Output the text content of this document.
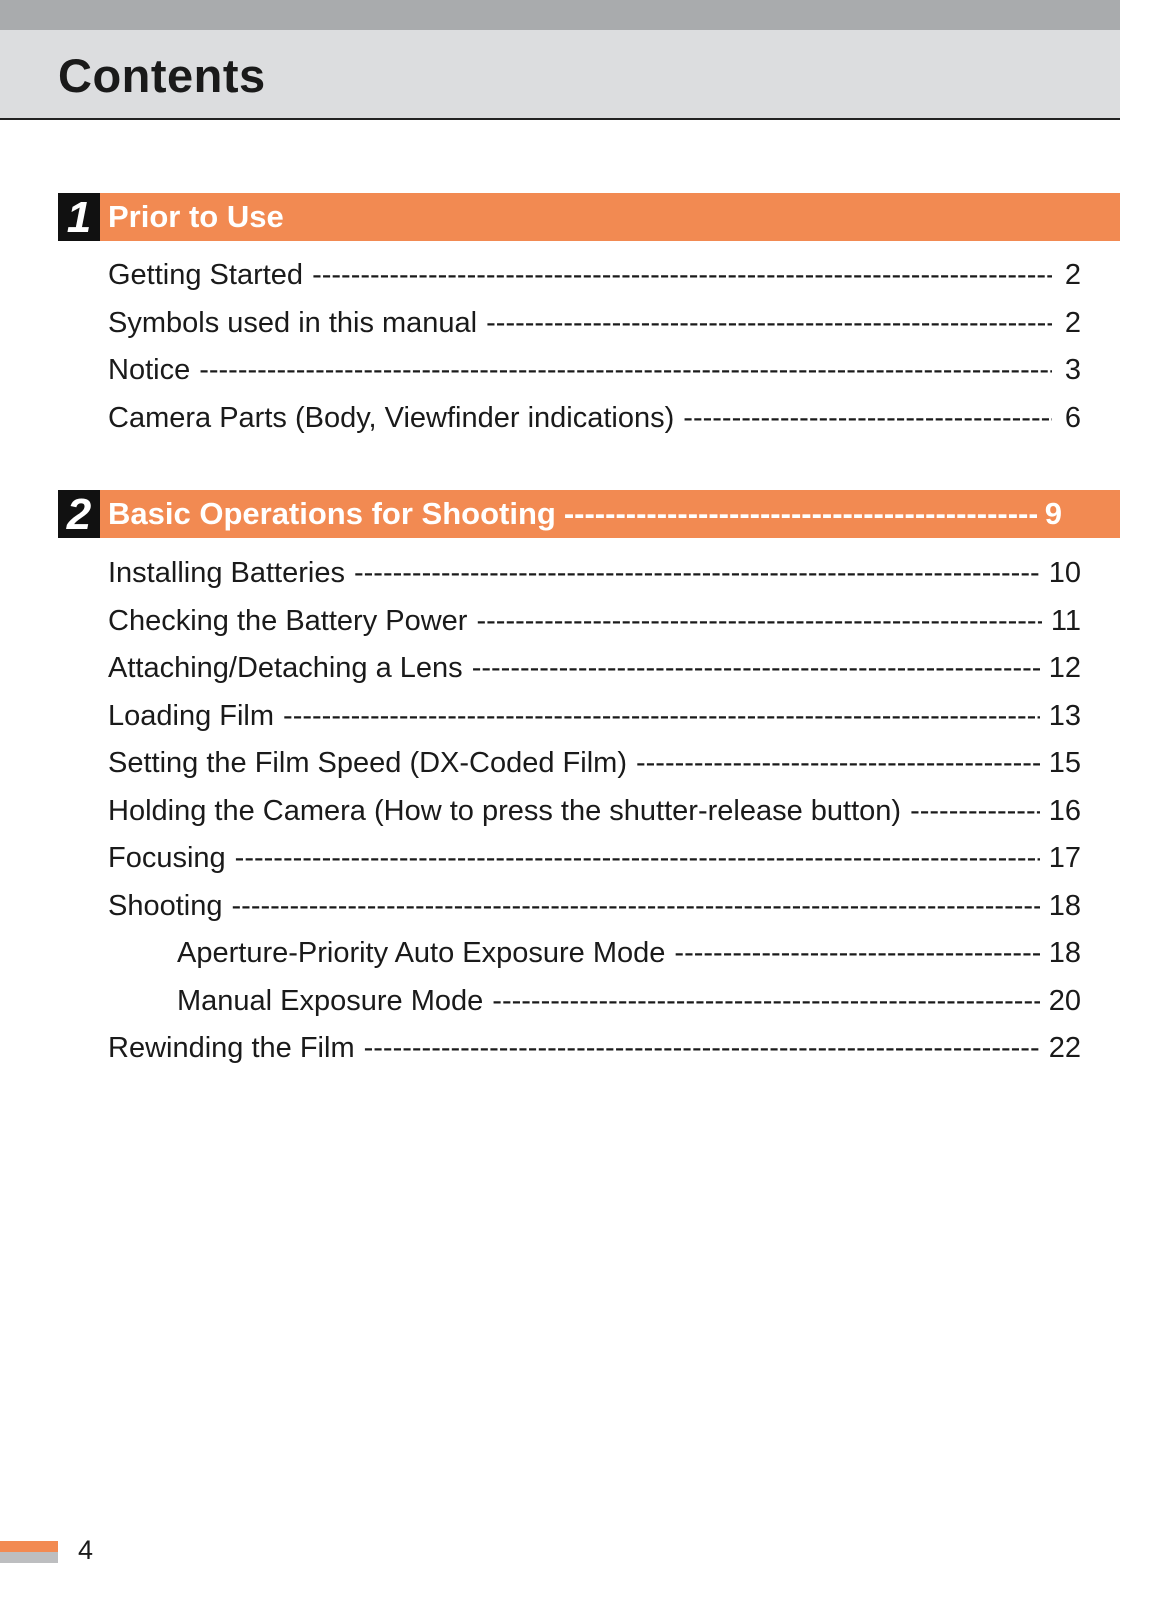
Contents
1 Prior to Use
Getting Started -----	2
Symbols used in this manual -----	2
Notice -----	3
Camera Parts (Body, Viewfinder indications) -----	6
2 Basic Operations for Shooting -----	9
Installing Batteries -----	10
Checking the Battery Power -----	11
Attaching/Detaching a Lens -----	12
Loading Film -----	13
Setting the Film Speed (DX-Coded Film) -----	15
Holding the Camera (How to press the shutter-release button) -----	16
Focusing -----	17
Shooting -----	18
Aperture-Priority Auto Exposure Mode -----	18
Manual Exposure Mode -----	20
Rewinding the Film -----	22
4
